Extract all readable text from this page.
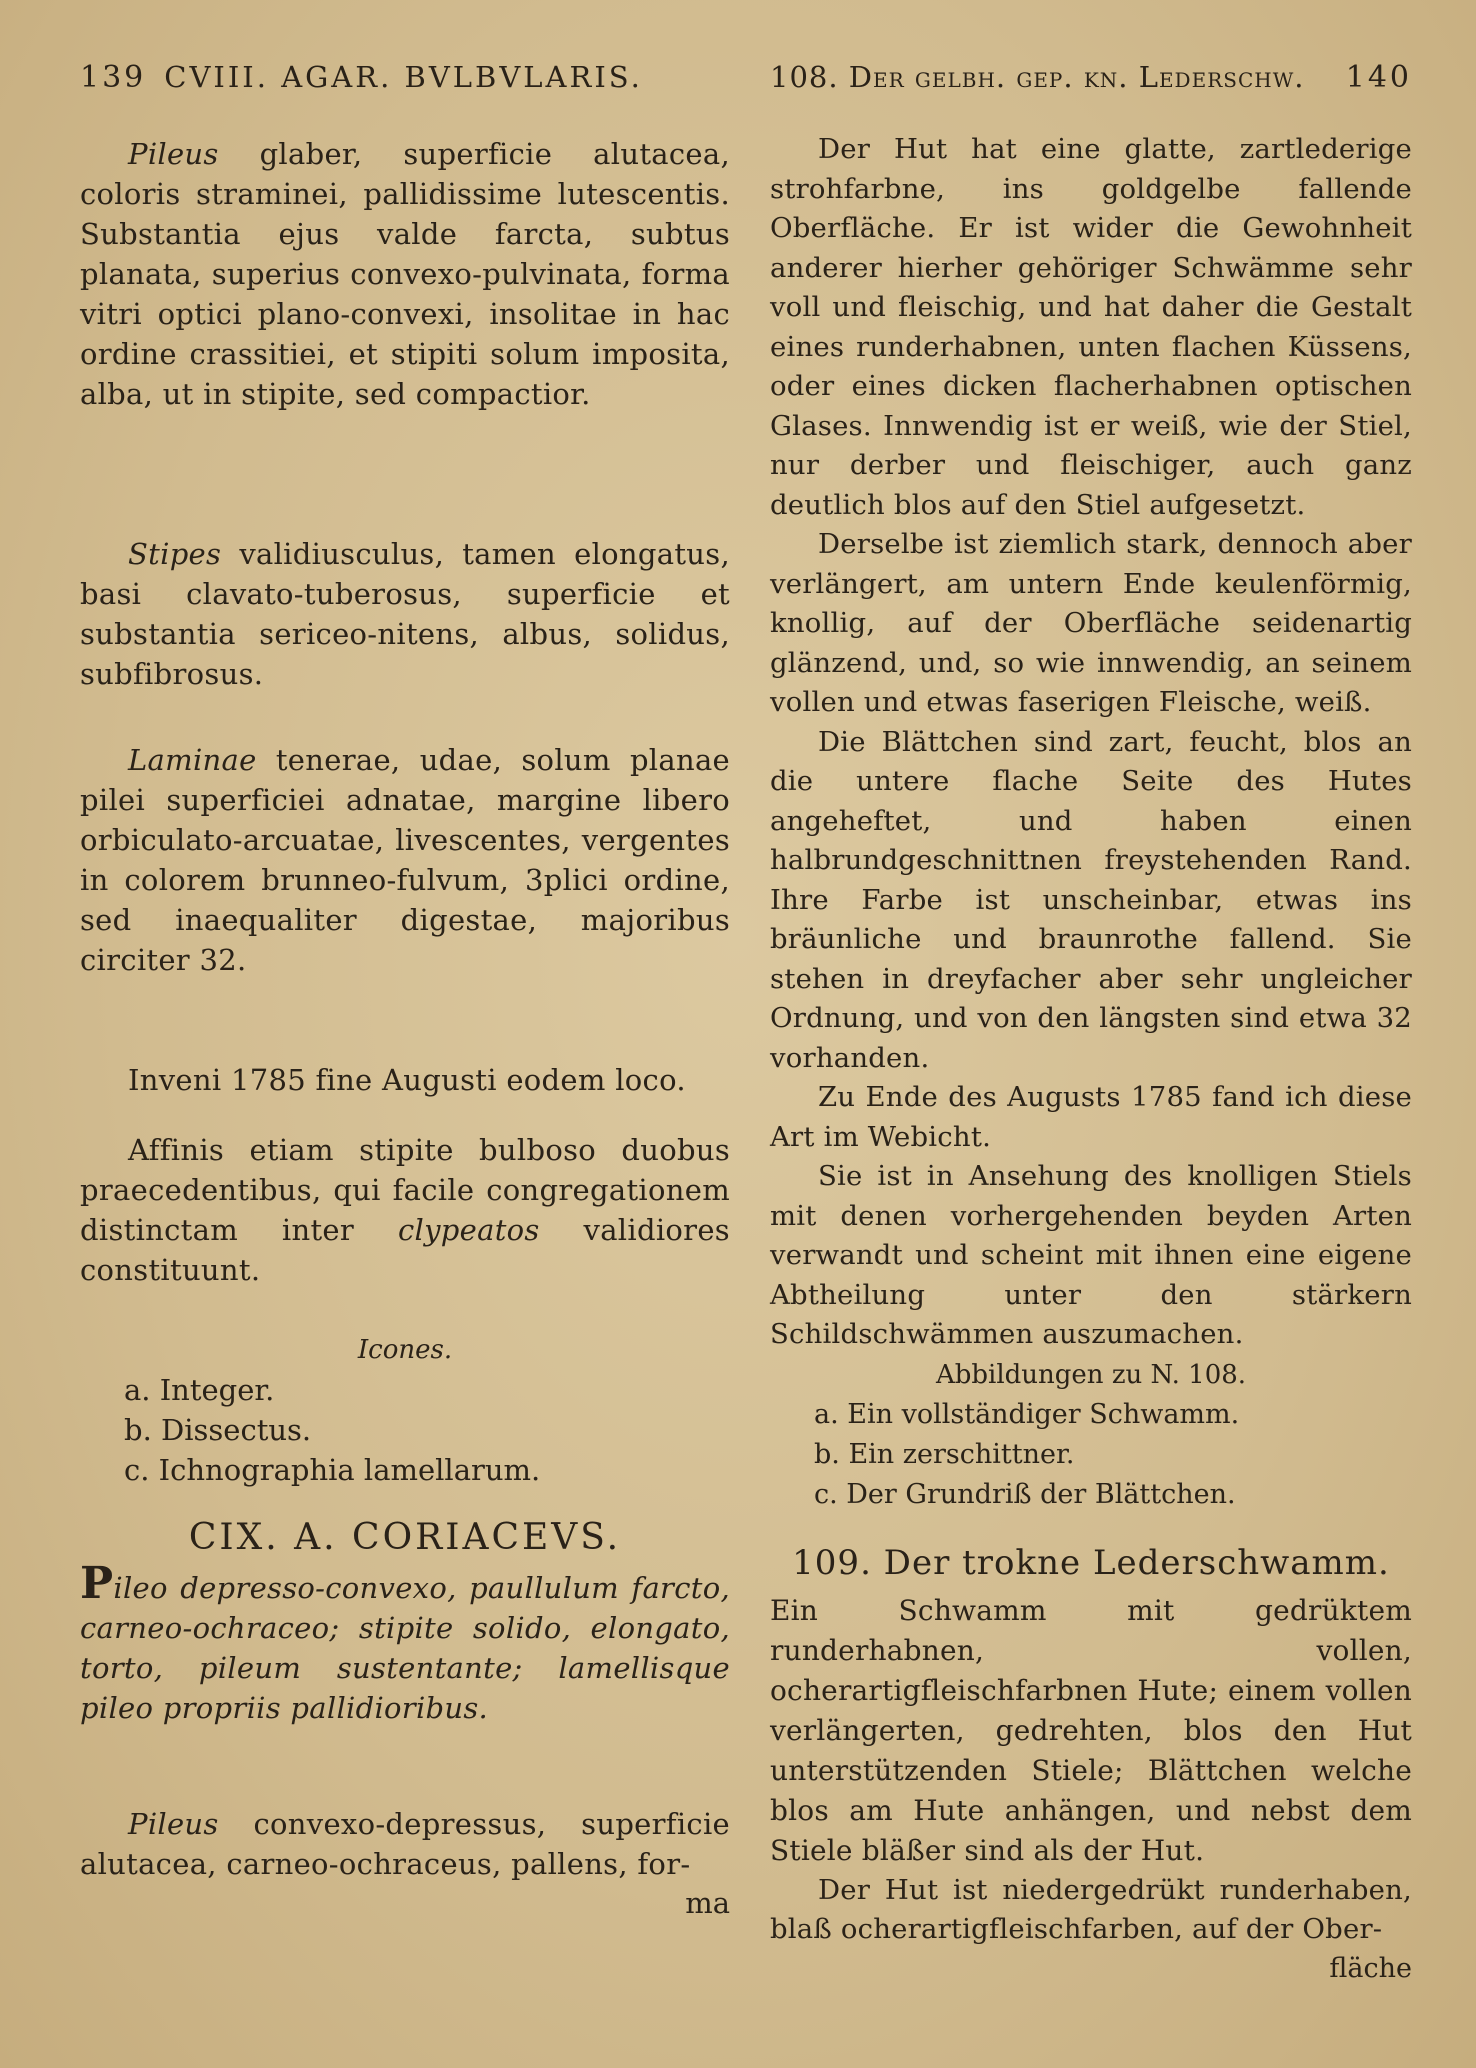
139 CVIII. AGAR. BVLBVLARIS.

Pileus glaber, superficie alutacea, coloris straminei, pallidissime lutescentis. Substantia ejus valde farcta, subtus planata, superius convexo-pulvinata, forma vitri optici plano-convexi, insolitae in hac ordine crassitiei, et stipiti solum imposita, alba, ut in stipite, sed compactior.

Stipes validiusculus, tamen elongatus, basi clavato-tuberosus, superficie et substantia sericeo-nitens, albus, solidus, subfibrosus.

Laminae tenerae, udae, solum planae pilei superficiei adnatae, margine libero orbiculato-arcuatae, livescentes, vergentes in colorem brunneo-fulvum, 3plici ordine, sed inaequaliter digestae, majoribus circiter 32.

Inveni 1785 fine Augusti eodem loco.

Affinis etiam stipite bulboso duobus praecedentibus, qui facile congregationem distinctam inter clypeatos validiores constituunt.

Icones.
a. Integer.
b. Dissectus.
c. Ichnographia lamellarum.
CIX. A. CORIACEVS.

Pileo depresso-convexo, paullulum farcto, carneo-ochraceo; stipite solido, elongato, torto, pileum sustentante; lamellisque pileo propriis pallidioribus.

Pileus convexo-depressus, superficie alutacea, carneo-ochraceus, pallens, for-

ma
108. Der gelbh. gep. kn. Lederschw. 140

Der Hut hat eine glatte, zartlederige strohfarbne, ins goldgelbe fallende Oberfläche. Er ist wider die Gewohnheit anderer hierher gehöriger Schwämme sehr voll und fleischig, und hat daher die Gestalt eines runderhabnen, unten flachen Küssens, oder eines dicken flacherhabnen optischen Glases. Innwendig ist er weiß, wie der Stiel, nur derber und fleischiger, auch ganz deutlich blos auf den Stiel aufgesetzt.

Derselbe ist ziemlich stark, dennoch aber verlängert, am untern Ende keulenförmig, knollig, auf der Oberfläche seidenartig glänzend, und, so wie innwendig, an seinem vollen und etwas faserigen Fleische, weiß.

Die Blättchen sind zart, feucht, blos an die untere flache Seite des Hutes angeheftet, und haben einen halbrundgeschnittnen freystehenden Rand. Ihre Farbe ist unscheinbar, etwas ins bräunliche und braunrothe fallend. Sie stehen in dreyfacher aber sehr ungleicher Ordnung, und von den längsten sind etwa 32 vorhanden.

Zu Ende des Augusts 1785 fand ich diese Art im Webicht.

Sie ist in Ansehung des knolligen Stiels mit denen vorhergehenden beyden Arten verwandt und scheint mit ihnen eine eigene Abtheilung unter den stärkern Schildschwämmen auszumachen.

Abbildungen zu N. 108.
a. Ein vollständiger Schwamm.
b. Ein zerschittner.
c. Der Grundriß der Blättchen.
109. Der trokne Lederschwamm.

Ein Schwamm mit gedrüktem runderhabnen, vollen, ocherartigfleischfarbnen Hute; einem vollen verlängerten, gedrehten, blos den Hut unterstützenden Stiele; Blättchen welche blos am Hute anhängen, und nebst dem Stiele bläßer sind als der Hut.

Der Hut ist niedergedrükt runderhaben, blaß ocherartigfleischfarben, auf der Ober-

fläche
